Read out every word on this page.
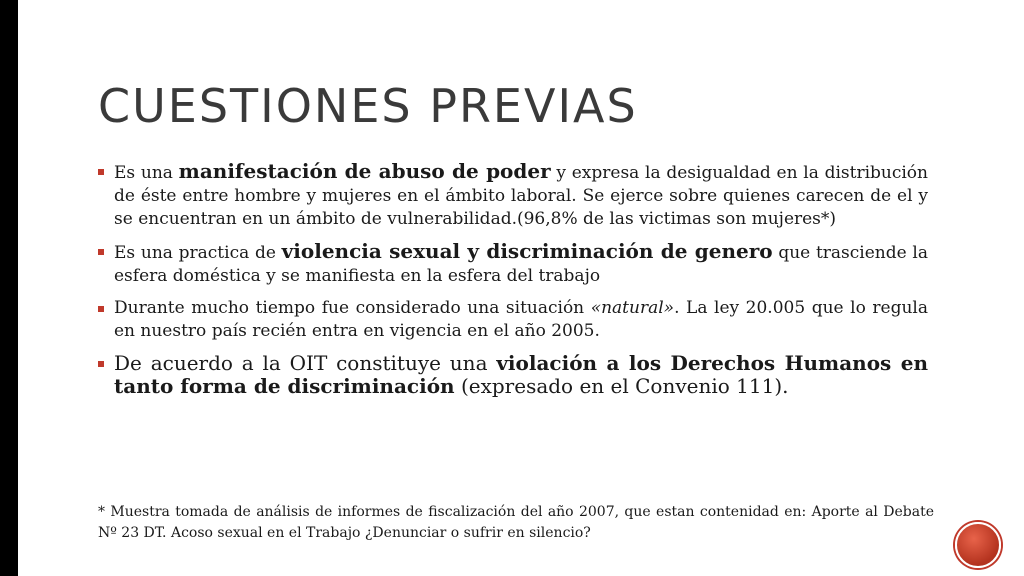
CUESTIONES PREVIAS
Es una manifestación de abuso de poder y expresa la desigualdad en la distribución de éste entre hombre y mujeres en el ámbito laboral. Se ejerce sobre quienes carecen de el y se encuentran en un ámbito de vulnerabilidad.(96,8% de las victimas son mujeres*)
Es una practica de violencia sexual y discriminación de genero que trasciende la esfera doméstica y se manifiesta en la esfera del trabajo
Durante mucho tiempo fue considerado una situación «natural». La ley 20.005 que lo regula en nuestro país recién entra en vigencia en el año 2005.
De acuerdo a la OIT constituye una violación a los Derechos Humanos en tanto forma de discriminación (expresado en el Convenio 111).

* Muestra tomada de análisis de informes de fiscalización del año 2007, que estan contenidad en: Aporte al Debate Nº 23 DT. Acoso sexual en el Trabajo ¿Denunciar o sufrir en silencio?
